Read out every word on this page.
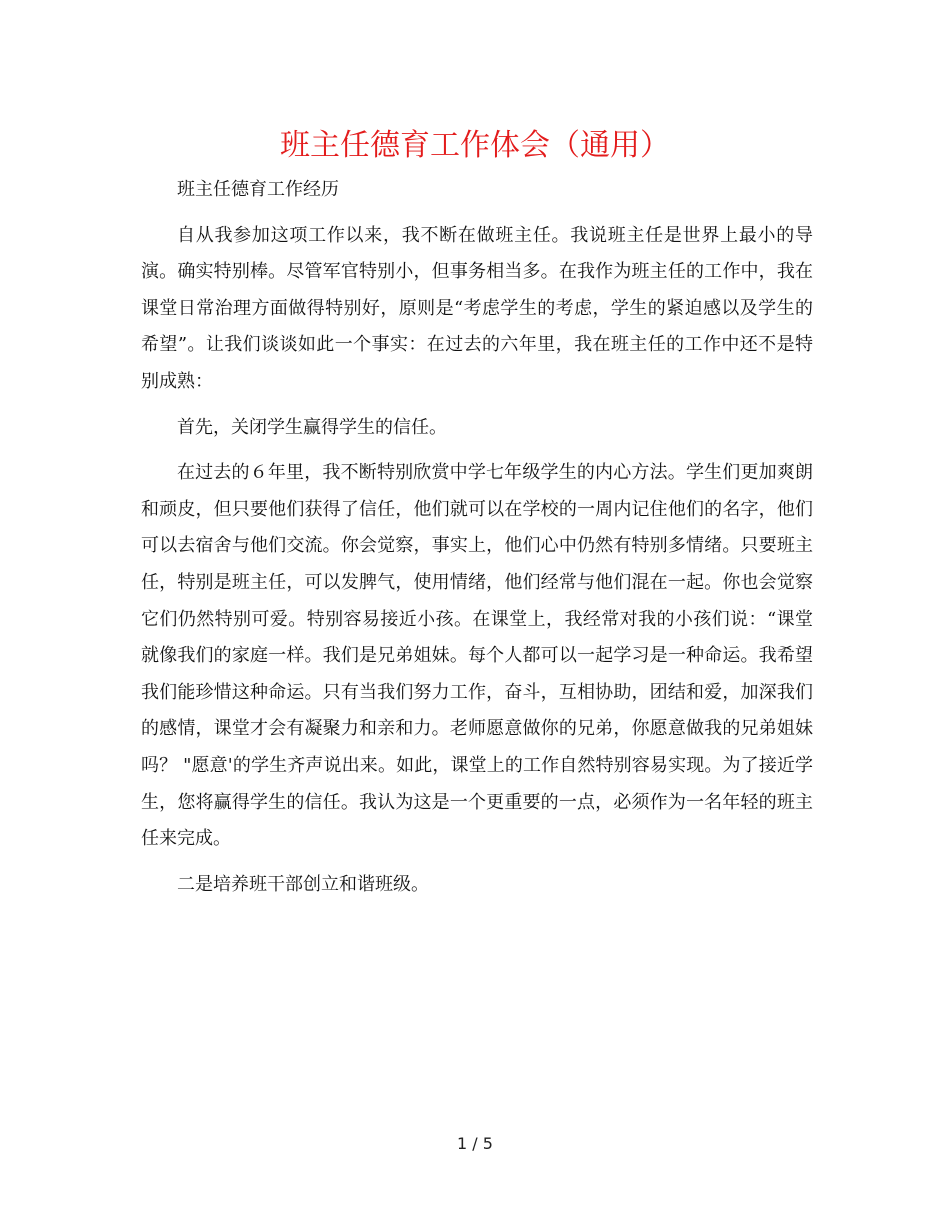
班主任德育工作体会（通用）

班主任德育工作经历

自从我参加这项工作以来，我不断在做班主任。我说班主任是世界上最小的导演。确实特别棒。尽管军官特别小，但事务相当多。在我作为班主任的工作中，我在课堂日常治理方面做得特别好，原则是“考虑学生的考虑，学生的紧迫感以及学生的希望”。让我们谈谈如此一个事实：在过去的六年里，我在班主任的工作中还不是特别成熟：

首先，关闭学生赢得学生的信任。

在过去的６年里，我不断特别欣赏中学七年级学生的内心方法。学生们更加爽朗和顽皮，但只要他们获得了信任，他们就可以在学校的一周内记住他们的名字，他们可以去宿舍与他们交流。你会觉察，事实上，他们心中仍然有特别多情绪。只要班主任，特别是班主任，可以发脾气，使用情绪，他们经常与他们混在一起。你也会觉察它们仍然特别可爱。特别容易接近小孩。在课堂上，我经常对我的小孩们说：“课堂就像我们的家庭一样。我们是兄弟姐妹。每个人都可以一起学习是一种命运。我希望我们能珍惜这种命运。只有当我们努力工作，奋斗，互相协助，团结和爱，加深我们的感情，课堂才会有凝聚力和亲和力。老师愿意做你的兄弟，你愿意做我的兄弟姐妹吗？ "愿意'的学生齐声说出来。如此，课堂上的工作自然特别容易实现。为了接近学生，您将赢得学生的信任。我认为这是一个更重要的一点，必须作为一名年轻的班主任来完成。

二是培养班干部创立和谐班级。

1 / 5
